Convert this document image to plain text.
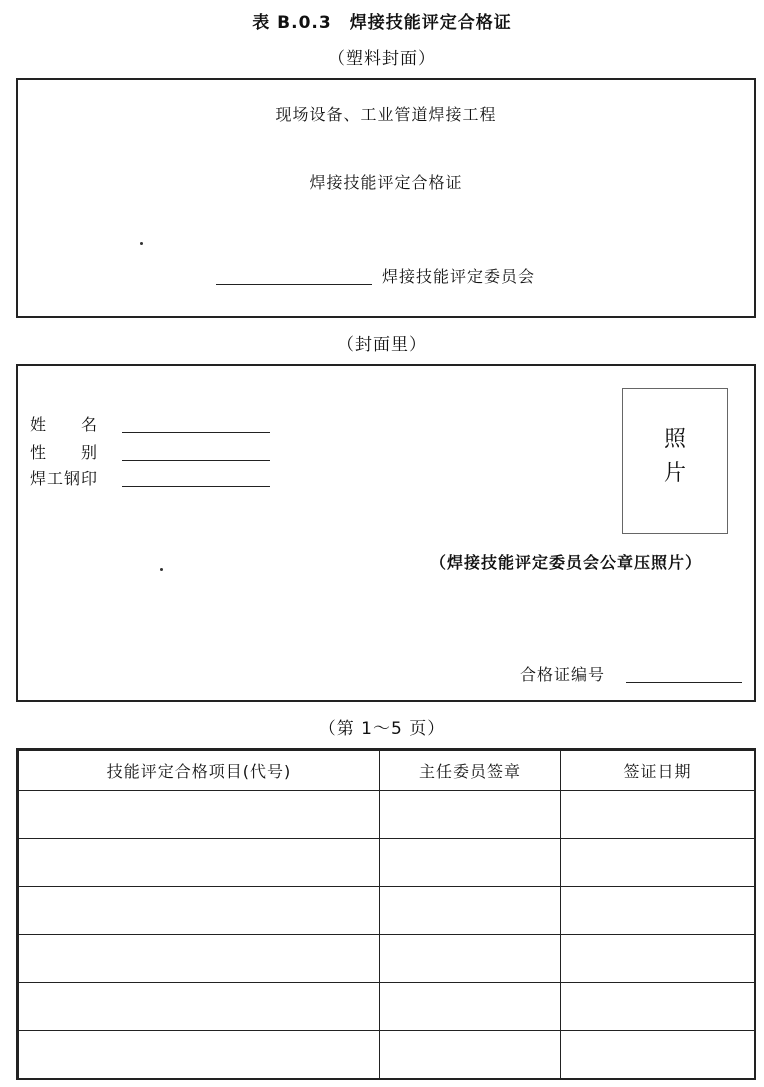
表 B.0.3　焊接技能评定合格证
（塑料封面）
现场设备、工业管道焊接工程
焊接技能评定合格证
焊接技能评定委员会
（封面里）
姓　　名
性　　别
焊工钢印
照
片
（焊接技能评定委员会公章压照片）
合格证编号
（第 1～5 页）
技能评定合格项目(代号)	主任委员签章	签证日期
